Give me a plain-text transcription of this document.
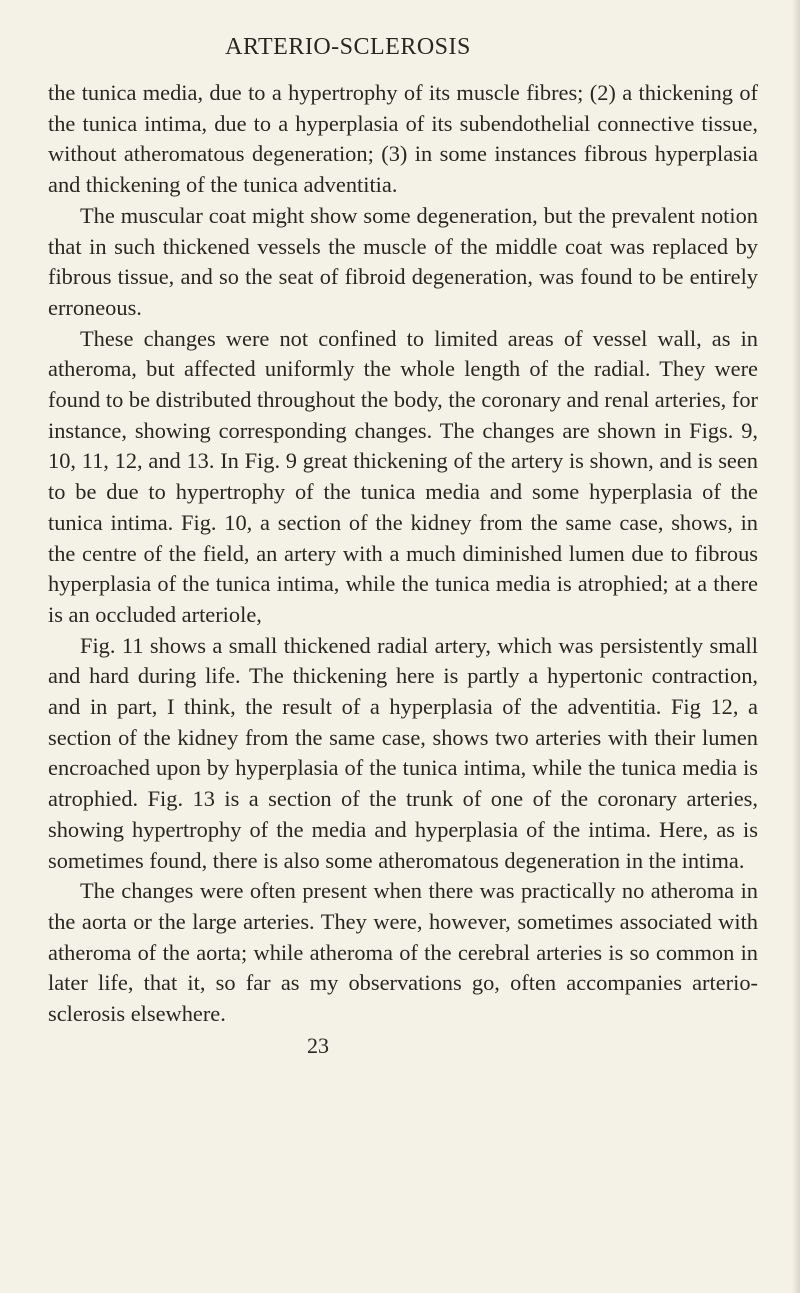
ARTERIO-SCLEROSIS

the tunica media, due to a hypertrophy of its muscle fibres; (2) a thickening of the tunica intima, due to a hyperplasia of its subendothelial connective tissue, without atheromatous degeneration; (3) in some instances fibrous hyperplasia and thickening of the tunica adventitia.

The muscular coat might show some degeneration, but the prevalent notion that in such thickened vessels the muscle of the middle coat was replaced by fibrous tissue, and so the seat of fibroid degeneration, was found to be entirely erroneous.

These changes were not confined to limited areas of vessel wall, as in atheroma, but affected uniformly the whole length of the radial. They were found to be distributed throughout the body, the coronary and renal arteries, for instance, showing corresponding changes. The changes are shown in Figs. 9, 10, 11, 12, and 13. In Fig. 9 great thickening of the artery is shown, and is seen to be due to hypertrophy of the tunica media and some hyperplasia of the tunica intima. Fig. 10, a section of the kidney from the same case, shows, in the centre of the field, an artery with a much diminished lumen due to fibrous hyperplasia of the tunica intima, while the tunica media is atrophied; at a there is an occluded arteriole,

Fig. 11 shows a small thickened radial artery, which was persistently small and hard during life. The thickening here is partly a hypertonic contraction, and in part, I think, the result of a hyperplasia of the adventitia. Fig 12, a section of the kidney from the same case, shows two arteries with their lumen encroached upon by hyperplasia of the tunica intima, while the tunica media is atrophied. Fig. 13 is a section of the trunk of one of the coronary arteries, showing hypertrophy of the media and hyperplasia of the intima. Here, as is sometimes found, there is also some atheromatous degeneration in the intima.

The changes were often present when there was practically no atheroma in the aorta or the large arteries. They were, however, sometimes associated with atheroma of the aorta; while atheroma of the cerebral arteries is so common in later life, that it, so far as my observations go, often accompanies arterio-sclerosis elsewhere.

23
